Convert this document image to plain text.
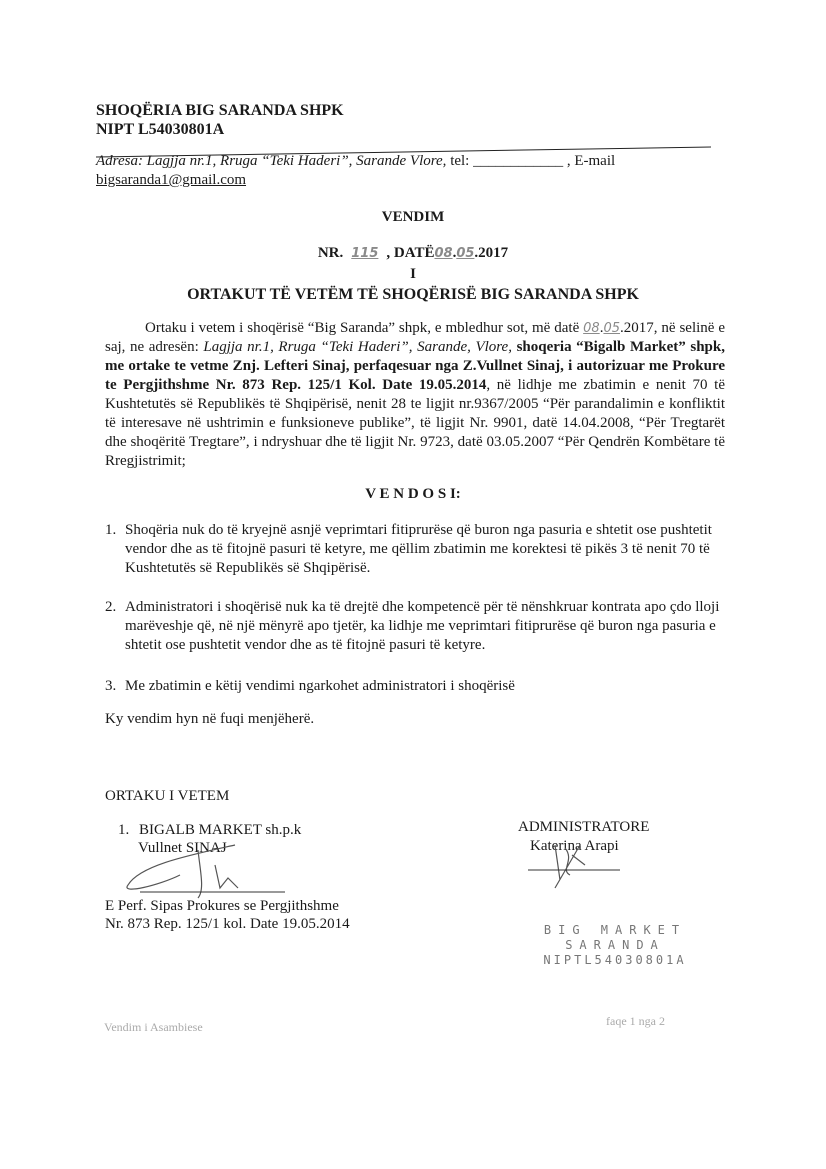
SHOQËRIA BIG SARANDA SHPK
NIPT L54030801A
Adresa: Lagjja nr.1, Rruga “Teki Haderi”, Sarande Vlore, tel: ____________ , E-mail
bigsaranda1@gmail.com
VENDIM
NR. 115 , DATË08.05.2017
I
ORTAKUT TË VETËM TË SHOQËRISË BIG SARANDA SHPK
Ortaku i vetem i shoqërisë “Big Saranda” shpk, e mbledhur sot, më datë 08.05.2017, në selinë e saj, ne adresën: Lagjja nr.1, Rruga “Teki Haderi”, Sarande, Vlore, shoqeria “Bigalb Market” shpk, me ortake te vetme Znj. Lefteri Sinaj, perfaqesuar nga Z.Vullnet Sinaj, i autorizuar me Prokure te Pergjithshme Nr. 873 Rep. 125/1 Kol. Date 19.05.2014, në lidhje me zbatimin e nenit 70 të Kushtetutës së Republikës të Shqipërisë, nenit 28 te ligjit nr.9367/2005 “Për parandalimin e konfliktit të interesave në ushtrimin e funksioneve publike”, të ligjit Nr. 9901, datë 14.04.2008, “Për Tregtarët dhe shoqëritë Tregtare”, i ndryshuar dhe të ligjit Nr. 9723, datë 03.05.2007 “Për Qendrën Kombëtare të Rregjistrimit;
V E N D O S I:
1. Shoqëria nuk do të kryejnë asnjë veprimtari fitiprurëse që buron nga pasuria e shtetit ose pushtetit vendor dhe as të fitojnë pasuri të ketyre, me qëllim zbatimin me korektesi të pikës 3 të nenit 70 të Kushtetutës së Republikës së Shqipërisë.
2. Administratori i shoqërisë nuk ka të drejtë dhe kompetencë për të nënshkruar kontrata apo çdo lloji marëveshje që, në një mënyrë apo tjetër, ka lidhje me veprimtari fitiprurëse që buron nga pasuria e shtetit ose pushtetit vendor dhe as të fitojnë pasuri të ketyre.
3. Me zbatimin e këtij vendimi ngarkohet administratori i shoqërisë
Ky vendim hyn në fuqi menjëherë.
ORTAKU I VETEM
1. BIGALB MARKET sh.p.k
Vullnet SINAJ
E Perf. Sipas Prokures se Pergjithshme
Nr. 873 Rep. 125/1 kol. Date 19.05.2014
ADMINISTRATORE
Katerina Arapi
BIG MARKET
SARANDA
NIPTL54030801A
Vendim i Asambiese	faqe 1 nga 2
